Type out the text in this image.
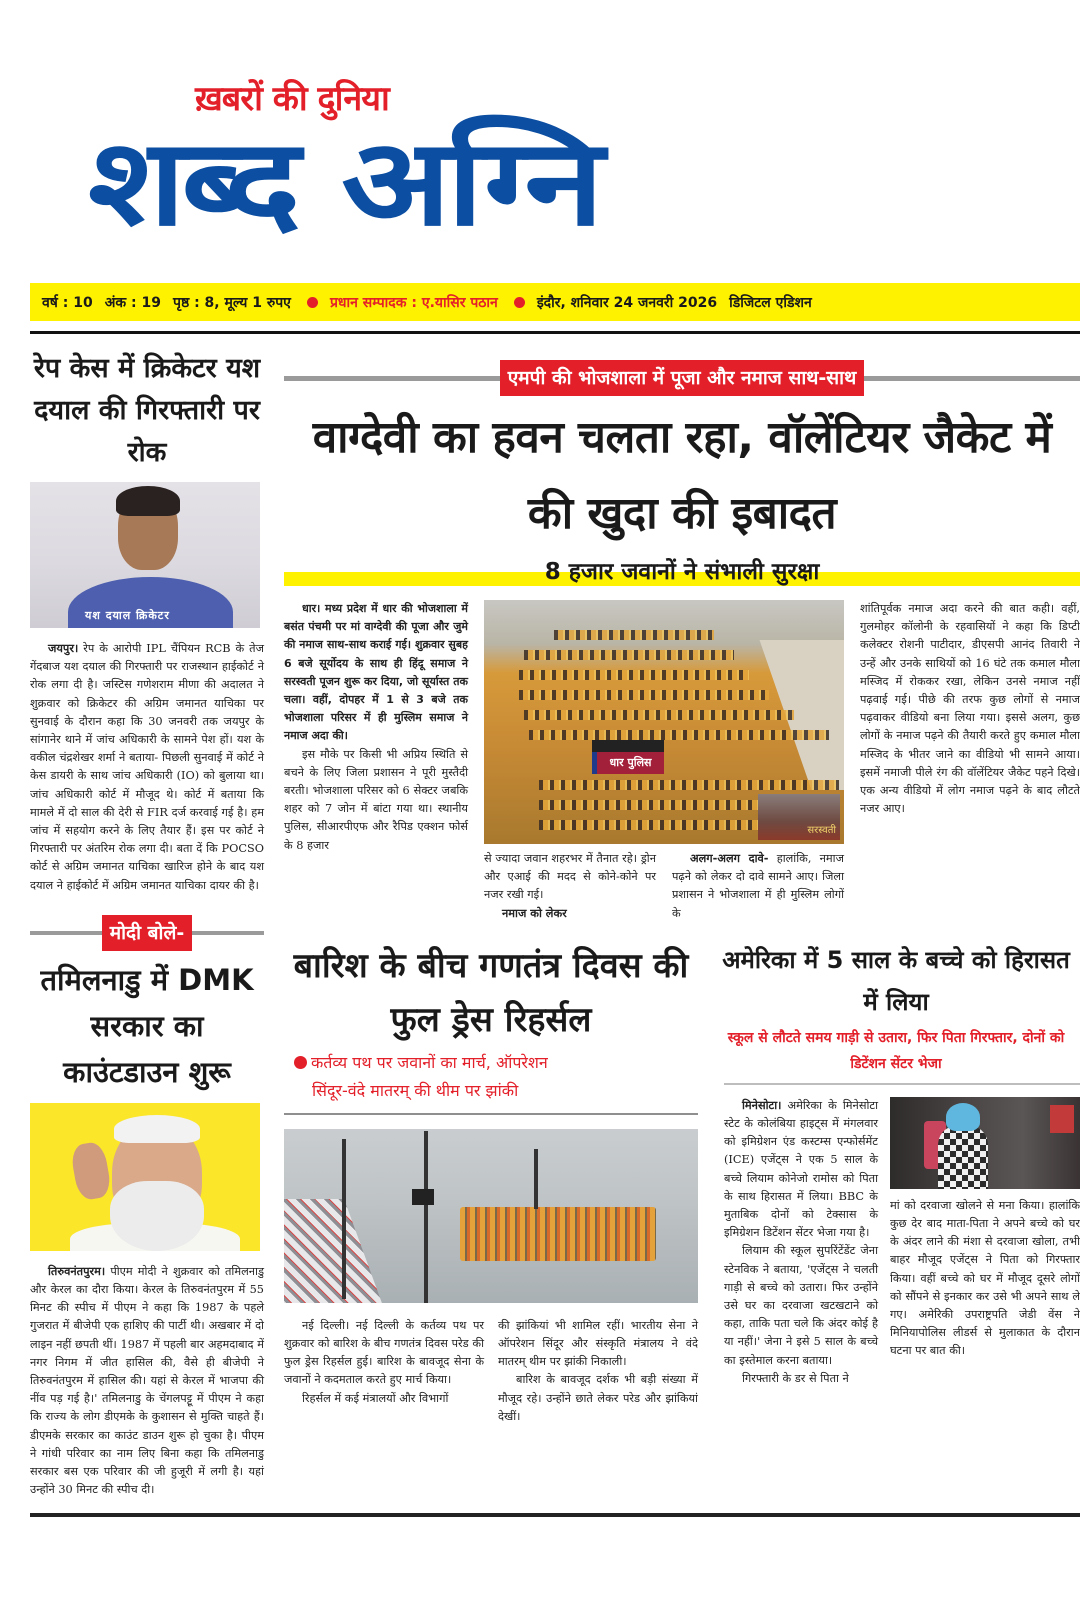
ख़बरों की दुनिया
शब्द अग्नि
वर्ष : 10 अंक : 19 पृष्ठ : 8, मूल्य 1 रुपए	प्रधान सम्पादक : ए.यासिर पठान	इंदौर, शनिवार 24 जनवरी 2026 डिजिटल एडिशन
रेप केस में क्रिकेटर यश दयाल की गिरफ्तारी पर रोक
यश दयाल क्रिकेटर

जयपुर। रेप के आरोपी IPL चैंपियन RCB के तेज गेंदबाज यश दयाल की गिरफ्तारी पर राजस्थान हाईकोर्ट ने रोक लगा दी है। जस्टिस गणेशराम मीणा की अदालत ने शुक्रवार को क्रिकेटर की अग्रिम जमानत याचिका पर सुनवाई के दौरान कहा कि 30 जनवरी तक जयपुर के सांगानेर थाने में जांच अधिकारी के सामने पेश हों। यश के वकील चंद्रशेखर शर्मा ने बताया- पिछली सुनवाई में कोर्ट ने केस डायरी के साथ जांच अधिकारी (IO) को बुलाया था। जांच अधिकारी कोर्ट में मौजूद थे। कोर्ट में बताया कि मामले में दो साल की देरी से FIR दर्ज करवाई गई है। हम जांच में सहयोग करने के लिए तैयार हैं। इस पर कोर्ट ने गिरफ्तारी पर अंतरिम रोक लगा दी। बता दें कि POCSO कोर्ट से अग्रिम जमानत याचिका खारिज होने के बाद यश दयाल ने हाईकोर्ट में अग्रिम जमानत याचिका दायर की है।

मोदी बोले-
तमिलनाडु में DMK सरकार का काउंटडाउन शुरू

तिरुवनंतपुरम। पीएम मोदी ने शुक्रवार को तमिलनाडु और केरल का दौरा किया। केरल के तिरुवनंतपुरम में 55 मिनट की स्पीच में पीएम ने कहा कि 1987 के पहले गुजरात में बीजेपी एक हाशिए की पार्टी थी। अखबार में दो लाइन नहीं छपती थीं। 1987 में पहली बार अहमदाबाद में नगर निगम में जीत हासिल की, वैसे ही बीजेपी ने तिरुवनंतपुरम में हासिल की। यहां से केरल में भाजपा की नींव पड़ गई है।' तमिलनाडु के चेंगलपट्टू में पीएम ने कहा कि राज्य के लोग डीएमके के कुशासन से मुक्ति चाहते हैं। डीएमके सरकार का काउंट डाउन शुरू हो चुका है। पीएम ने गांधी परिवार का नाम लिए बिना कहा कि तमिलनाडु सरकार बस एक परिवार की जी हुजूरी में लगी है। यहां उन्होंने 30 मिनट की स्पीच दी।

एमपी की भोजशाला में पूजा और नमाज साथ-साथ
वाग्देवी का हवन चलता रहा, वॉलेंटियर जैकेट में की खुदा की इबादत
8 हजार जवानों ने संभाली सुरक्षा

धार। मध्य प्रदेश में धार की भोजशाला में बसंत पंचमी पर मां वाग्देवी की पूजा और जुमे की नमाज साथ-साथ कराई गई। शुक्रवार सुबह 6 बजे सूर्योदय के साथ ही हिंदू समाज ने सरस्वती पूजन शुरू कर दिया, जो सूर्यास्त तक चला। वहीं, दोपहर में 1 से 3 बजे तक भोजशाला परिसर में ही मुस्लिम समाज ने नमाज अदा की।

इस मौके पर किसी भी अप्रिय स्थिति से बचने के लिए जिला प्रशासन ने पूरी मुस्तैदी बरती। भोजशाला परिसर को 6 सेक्टर जबकि शहर को 7 जोन में बांटा गया था। स्थानीय पुलिस, सीआरपीएफ और रैपिड एक्शन फोर्स के 8 हजार

धार पुलिस
सरस्वती
से ज्यादा जवान शहरभर में तैनात रहे। ड्रोन और एआई की मदद से कोने-कोने पर नजर रखी गई।
नमाज को लेकर

अलग-अलग दावे- हालांकि, नमाज पढ़ने को लेकर दो दावे सामने आए। जिला प्रशासन ने भोजशाला में ही मुस्लिम लोगों के

शांतिपूर्वक नमाज अदा करने की बात कही। वहीं, गुलमोहर कॉलोनी के रहवासियों ने कहा कि डिप्टी कलेक्टर रोशनी पाटीदार, डीएसपी आनंद तिवारी ने उन्हें और उनके साथियों को 16 घंटे तक कमाल मौला मस्जिद में रोककर रखा, लेकिन उनसे नमाज नहीं पढ़वाई गई। पीछे की तरफ कुछ लोगों से नमाज पढ़वाकर वीडियो बना लिया गया। इससे अलग, कुछ लोगों के नमाज पढ़ने की तैयारी करते हुए कमाल मौला मस्जिद के भीतर जाने का वीडियो भी सामने आया। इसमें नमाजी पीले रंग की वॉलेंटियर जैकेट पहने दिखे। एक अन्य वीडियो में लोग नमाज पढ़ने के बाद लौटते नजर आए।
बारिश के बीच गणतंत्र दिवस की फुल ड्रेस रिहर्सल
कर्तव्य पथ पर जवानों का मार्च, ऑपरेशन
सिंदूर-वंदे मातरम् की थीम पर झांकी

नई दिल्ली। नई दिल्ली के कर्तव्य पथ पर शुक्रवार को बारिश के बीच गणतंत्र दिवस परेड की फुल ड्रेस रिहर्सल हुई। बारिश के बावजूद सेना के जवानों ने कदमताल करते हुए मार्च किया।

रिहर्सल में कई मंत्रालयों और विभागों

की झांकियां भी शामिल रहीं। भारतीय सेना ने ऑपरेशन सिंदूर और संस्कृति मंत्रालय ने वंदे मातरम् थीम पर झांकी निकाली।

बारिश के बावजूद दर्शक भी बड़ी संख्या में मौजूद रहे। उन्होंने छाते लेकर परेड और झांकियां देखीं।

अमेरिका में 5 साल के बच्चे को हिरासत में लिया
स्कूल से लौटते समय गाड़ी से उतारा, फिर पिता गिरफ्तार, दोनों को डिटेंशन सेंटर भेजा

मिनेसोटा। अमेरिका के मिनेसोटा स्टेट के कोलंबिया हाइट्स में मंगलवार को इमिग्रेशन एंड कस्टम्स एन्फोर्समेंट (ICE) एजेंट्स ने एक 5 साल के बच्चे लियाम कोनेजो रामोस को पिता के साथ हिरासत में लिया। BBC के मुताबिक दोनों को टेक्सास के इमिग्रेशन डिटेंशन सेंटर भेजा गया है।

लियाम की स्कूल सुपरिंटेंडेंट जेना स्टेनविक ने बताया, 'एजेंट्स ने चलती गाड़ी से बच्चे को उतारा। फिर उन्होंने उसे घर का दरवाजा खटखटाने को कहा, ताकि पता चले कि अंदर कोई है या नहीं।' जेना ने इसे 5 साल के बच्चे का इस्तेमाल करना बताया।

गिरफ्तारी के डर से पिता ने

मां को दरवाजा खोलने से मना किया। हालांकि कुछ देर बाद माता-पिता ने अपने बच्चे को घर के अंदर लाने की मंशा से दरवाजा खोला, तभी बाहर मौजूद एजेंट्स ने पिता को गिरफ्तार किया। वहीं बच्चे को घर में मौजूद दूसरे लोगों को सौंपने से इनकार कर उसे भी अपने साथ ले गए। अमेरिकी उपराष्ट्रपति जेडी वेंस ने मिनियापोलिस लीडर्स से मुलाकात के दौरान घटना पर बात की।
